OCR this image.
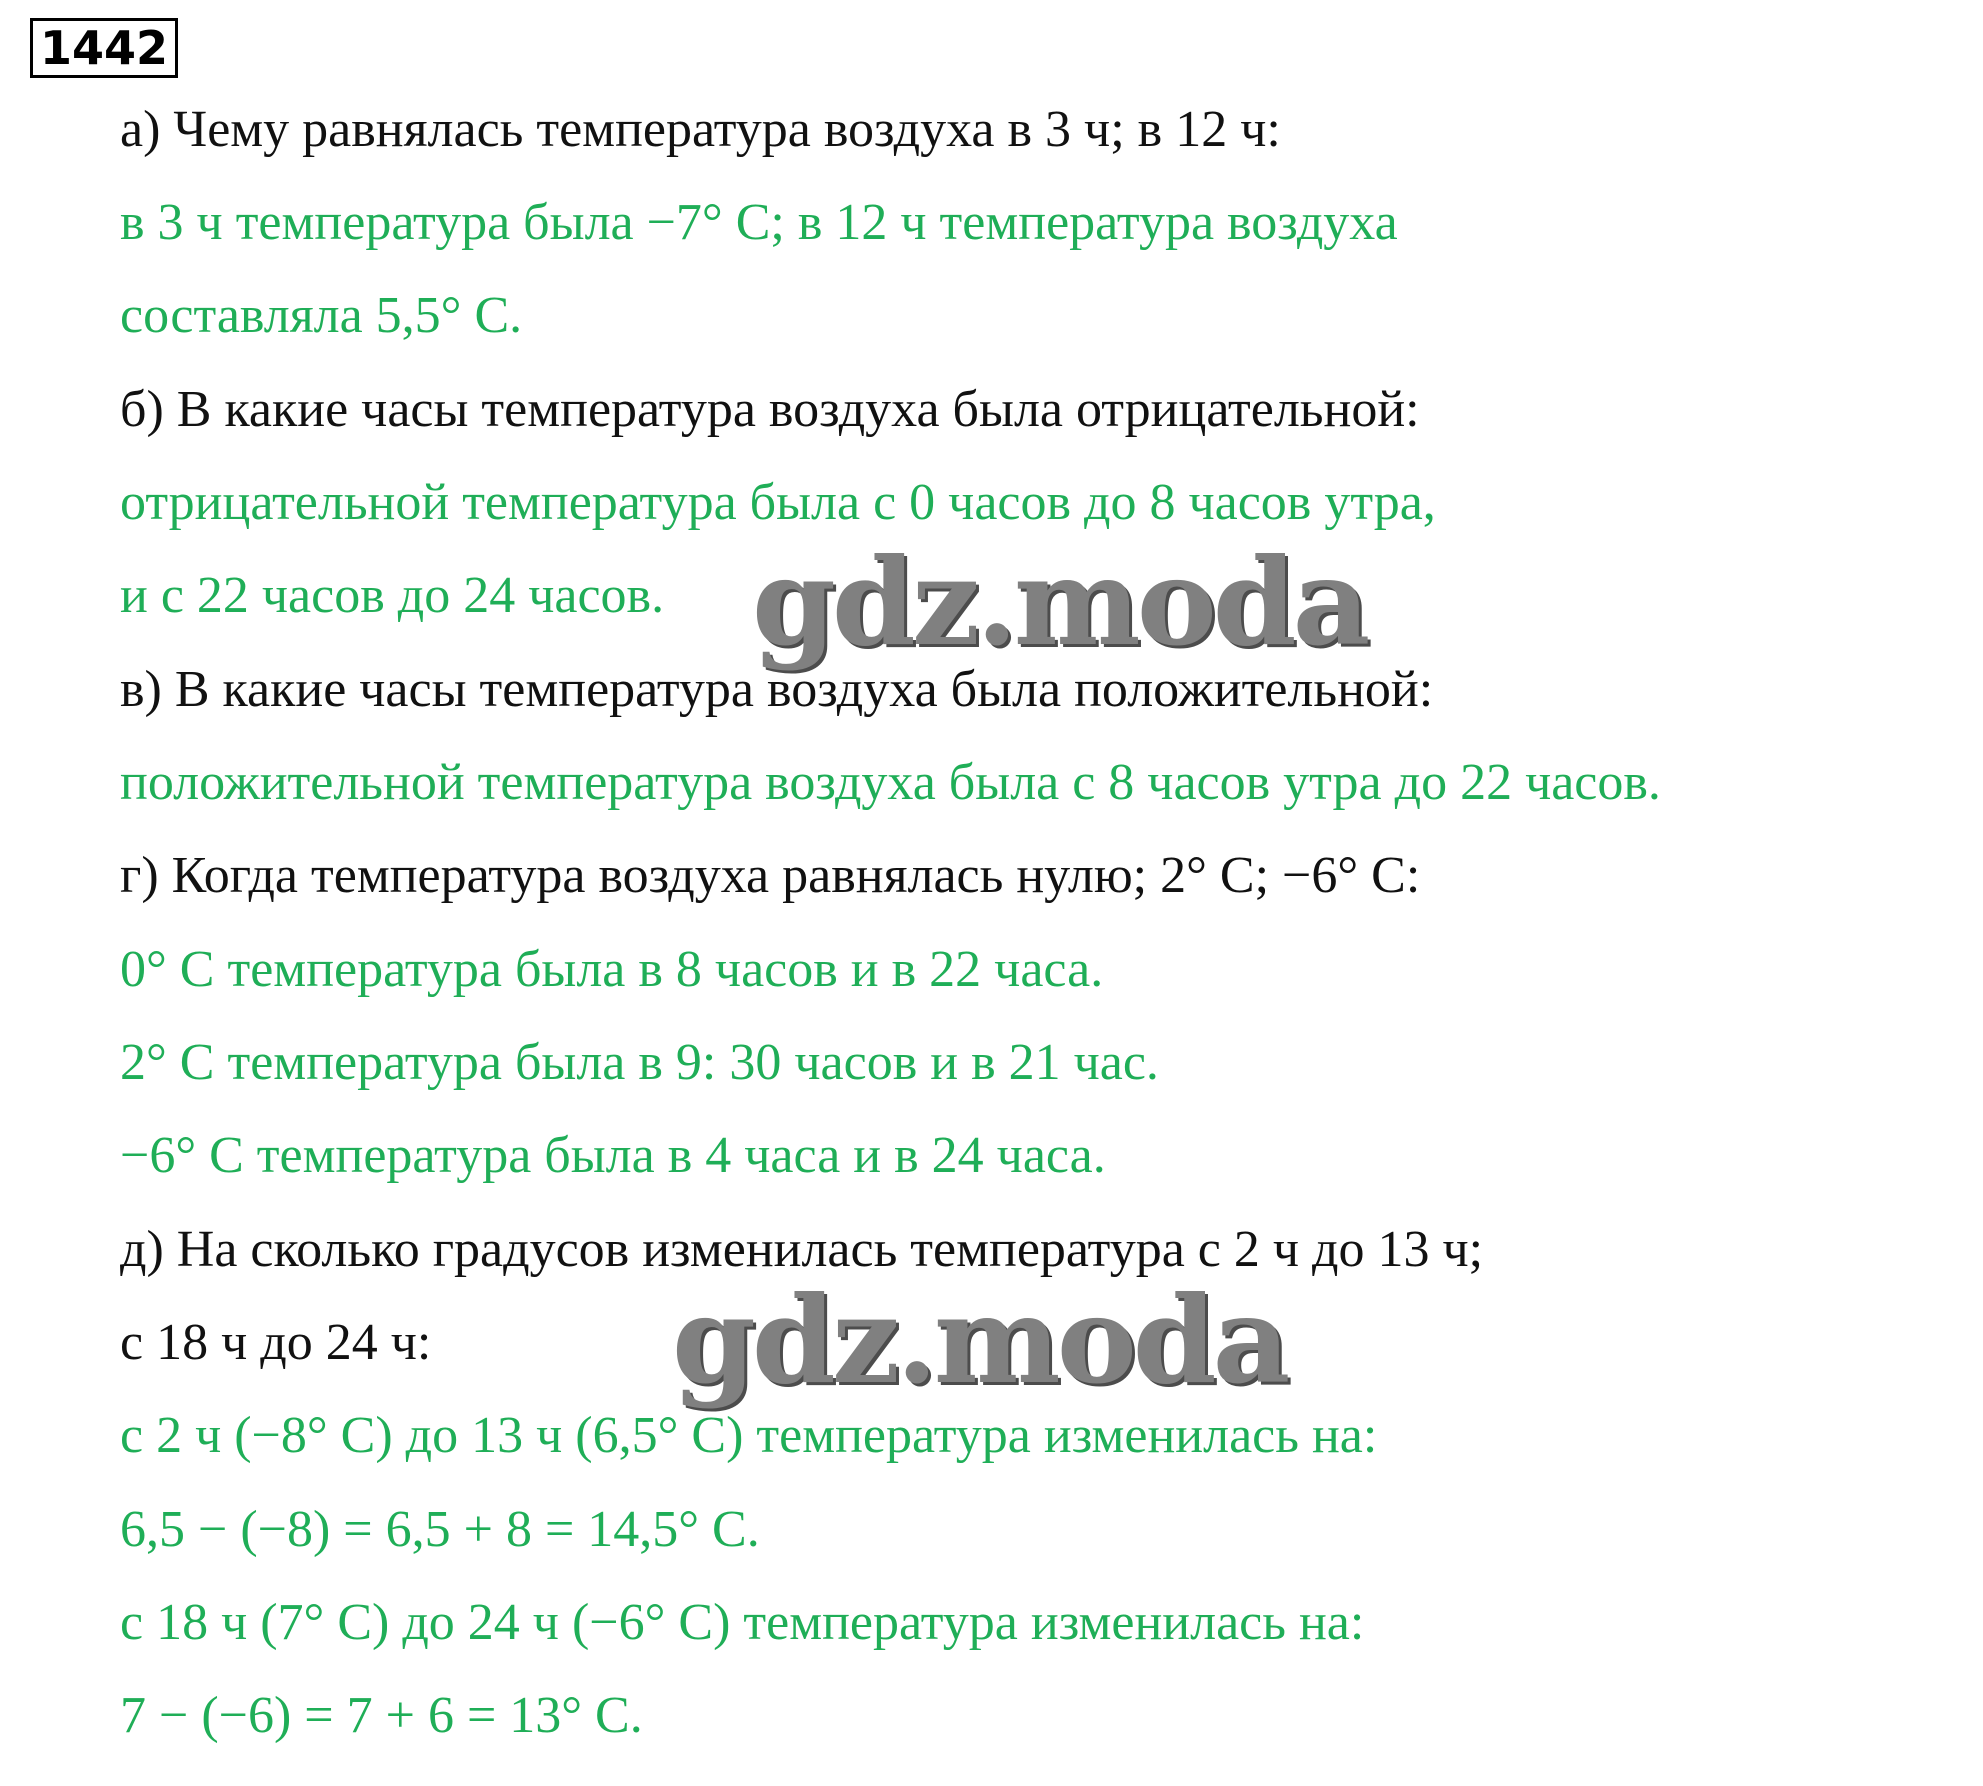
1442
а) Чему равнялась температура воздуха в 3 ч; в 12 ч:
в 3 ч температура была −7° C; в 12 ч температура воздуха
составляла 5,5° C.
б) В какие часы температура воздуха была отрицательной:
отрицательной температура была с 0 часов до 8 часов утра,
и с 22 часов до 24 часов.
в) В какие часы температура воздуха была положительной:
положительной температура воздуха была с 8 часов утра до 22 часов.
г) Когда температура воздуха равнялась нулю; 2° C; −6° C:
0° C температура была в 8 часов и в 22 часа.
2° C температура была в 9: 30 часов и в 21 час.
−6° C температура была в 4 часа и в 24 часа.
д) На сколько градусов изменилась температура с 2 ч до 13 ч;
с 18 ч до 24 ч:
с 2 ч (−8° C) до 13 ч (6,5° C) температура изменилась на:
6,5 − (−8) = 6,5 + 8 = 14,5° C.
с 18 ч (7° C) до 24 ч (−6° C) температура изменилась на:
7 − (−6) = 7 + 6 = 13° C.
gdz.moda
gdz.moda
